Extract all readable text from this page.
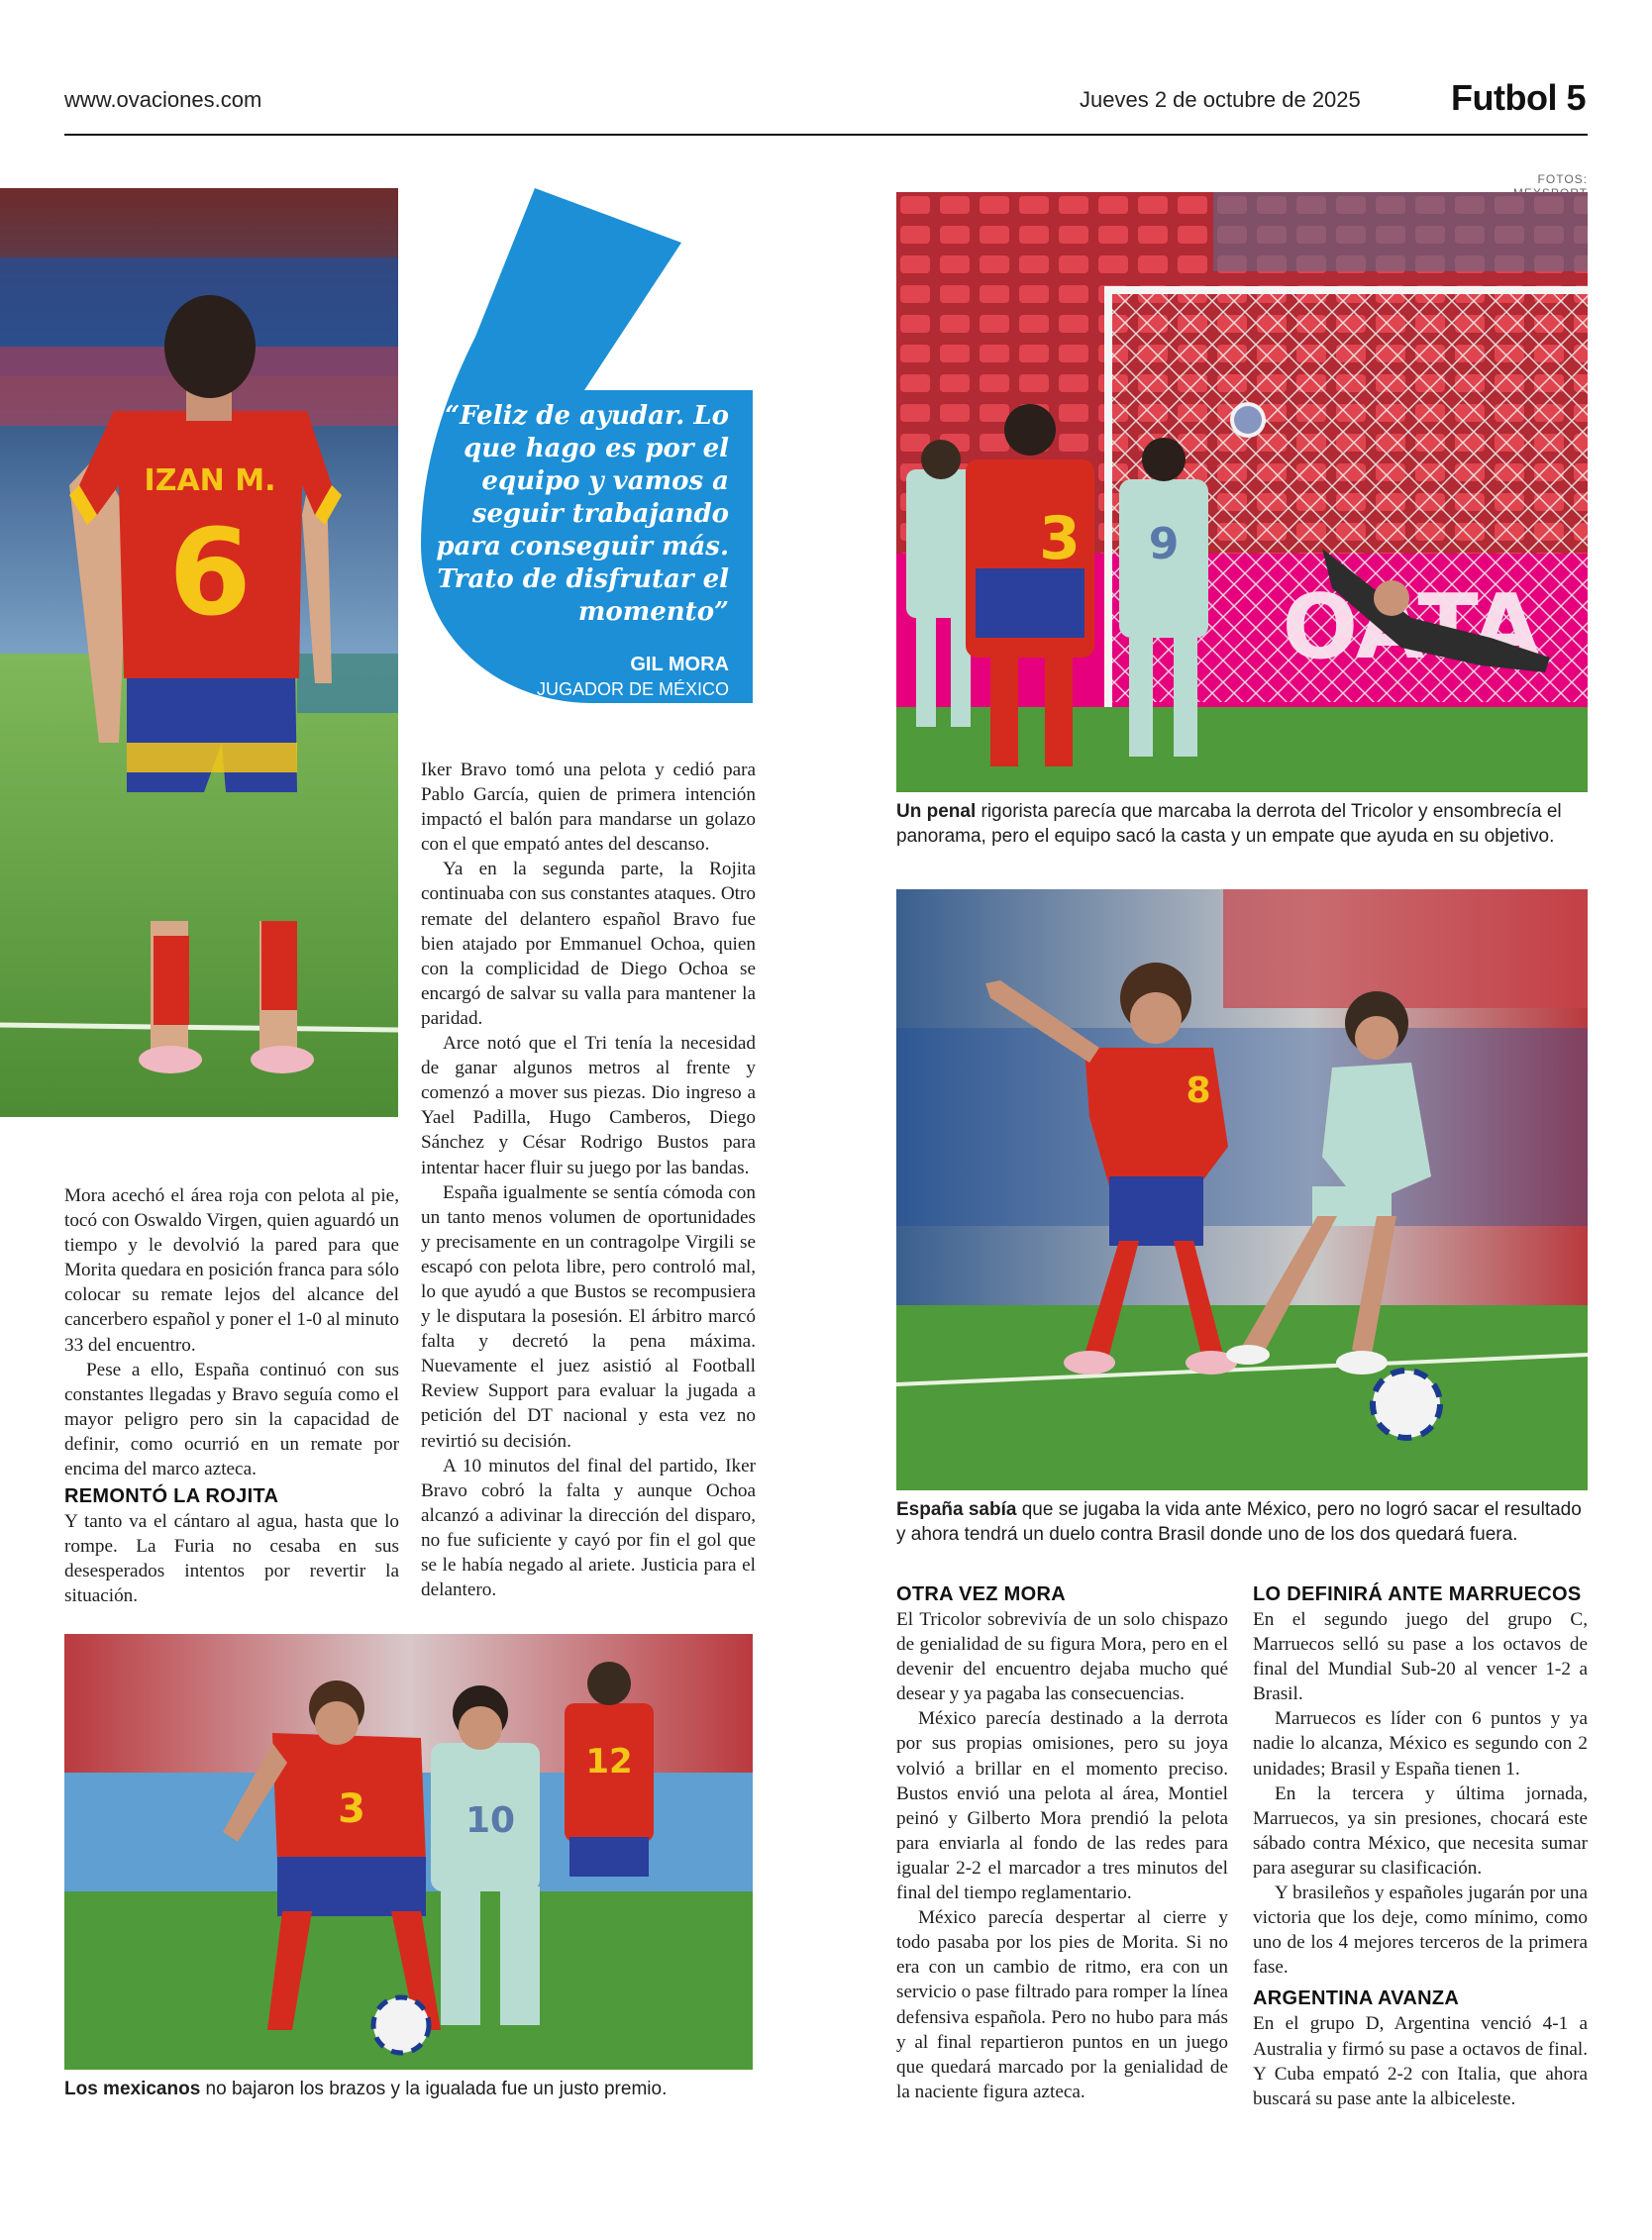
www.ovaciones.com	Jueves 2 de octubre de 2025	Futbol 5
FOTOS:
IZAN M.
6
“Feliz de ayudar. Lo que hago es por el equipo y vamos a seguir trabajando para conseguir más. Trato de disfrutar el momento”
GIL MORA
JUGADOR DE MÉXICO
3 9
Un penal rigorista parecía que marcaba la derrota del Tricolor y ensombrecía el panorama, pero el equipo sacó la casta y un empate que ayuda en su objetivo.
8
España sabía que se jugaba la vida ante México, pero no logró sacar el resultado y ahora tendrá un duelo contra Brasil donde uno de los dos quedará fuera.
12
10
3
Los mexicanos no bajaron los brazos y la igualada fue un justo premio.

Mora acechó el área roja con pelota al pie, tocó con Oswaldo Virgen, quien aguardó un tiempo y le devolvió la pared para que Morita quedara en posición franca para sólo colocar su remate lejos del alcance del cancerbero español y poner el 1-0 al minuto 33 del encuentro.

Pese a ello, España continuó con sus constantes llegadas y Bravo seguía como el mayor peligro pero sin la capacidad de definir, como ocurrió en un remate por encima del marco azteca.

REMONTÓ LA ROJITA

Y tanto va el cántaro al agua, hasta que lo rompe. La Furia no cesaba en sus desesperados intentos por revertir la situación.

Iker Bravo tomó una pelota y cedió para Pablo García, quien de primera intención impactó el balón para mandarse un golazo con el que empató antes del descanso.

Ya en la segunda parte, la Rojita continuaba con sus constantes ataques. Otro remate del delantero español Bravo fue bien atajado por Emmanuel Ochoa, quien con la complicidad de Diego Ochoa se encargó de salvar su valla para mantener la paridad.

Arce notó que el Tri tenía la necesidad de ganar algunos metros al frente y comenzó a mover sus piezas. Dio ingreso a Yael Padilla, Hugo Camberos, Diego Sánchez y César Rodrigo Bustos para intentar hacer fluir su juego por las bandas.

España igualmente se sentía cómoda con un tanto menos volumen de oportunidades y precisamente en un contragolpe Virgili se escapó con pelota libre, pero controló mal, lo que ayudó a que Bustos se recompusiera y le disputara la posesión. El árbitro marcó falta y decretó la pena máxima. Nuevamente el juez asistió al Football Review Support para evaluar la jugada a petición del DT nacional y esta vez no revirtió su decisión.

A 10 minutos del final del partido, Iker Bravo cobró la falta y aunque Ochoa alcanzó a adivinar la dirección del disparo, no fue suficiente y cayó por fin el gol que se le había negado al ariete. Justicia para el delantero.	OTRA VEZ MORA

El Tricolor sobrevivía de un solo chispazo de genialidad de su figura Mora, pero en el devenir del encuentro dejaba mucho qué desear y ya pagaba las consecuencias.

México parecía destinado a la derrota por sus propias omisiones, pero su joya volvió a brillar en el momento preciso. Bustos envió una pelota al área, Montiel peinó y Gilberto Mora prendió la pelota para enviarla al fondo de las redes para igualar 2-2 el marcador a tres minutos del final del tiempo reglamentario.

México parecía despertar al cierre y todo pasaba por los pies de Morita. Si no era con un cambio de ritmo, era con un servicio o pase filtrado para romper la línea defensiva española. Pero no hubo para más y al final repartieron puntos en un juego que quedará marcado por la genialidad de la naciente figura azteca.

LO DEFINIRÁ ANTE MARRUECOS

En el segundo juego del grupo C, Marruecos selló su pase a los octavos de final del Mundial Sub-20 al vencer 1-2 a Brasil.

Marruecos es líder con 6 puntos y ya nadie lo alcanza, México es segundo con 2 unidades; Brasil y España tienen 1.

En la tercera y última jornada, Marruecos, ya sin presiones, chocará este sábado contra México, que necesita sumar para asegurar su clasificación.

Y brasileños y españoles jugarán por una victoria que los deje, como mínimo, como uno de los 4 mejores terceros de la primera fase.

ARGENTINA AVANZA

En el grupo D, Argentina venció 4-1 a Australia y firmó su pase a octavos de final. Y Cuba empató 2-2 con Italia, que ahora buscará su pase ante la albiceleste.
